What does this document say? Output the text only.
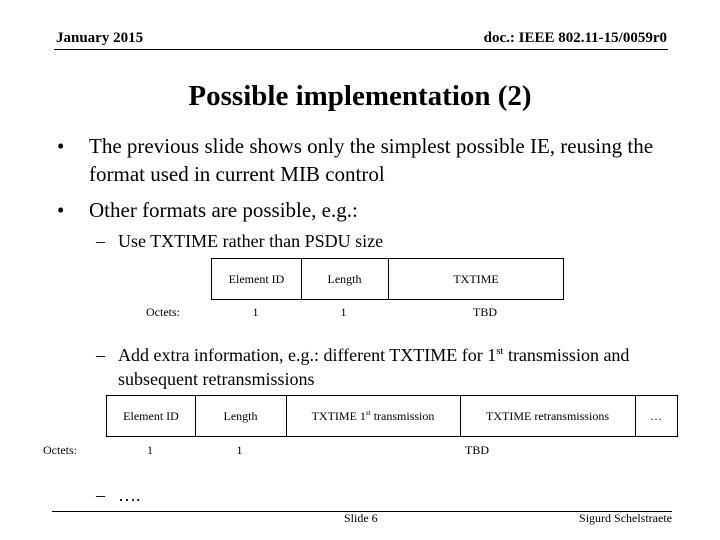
January 2015	doc.: IEEE 802.11-15/0059r0
Possible implementation (2)
• The previous slide shows only the simplest possible IE, reusing the format used in current MIB control
• Other formats are possible, e.g.:
– Use TXTIME rather than PSDU size
Element ID	Length	TXTIME
Octets:	1	1	TBD
– Add extra information, e.g.: different TXTIME for 1st transmission and subsequent retransmissions
Element ID	Length	TXTIME 1st transmission	TXTIME retransmissions	…
Octets:	1	1	TBD
– ….
Slide 6	Sigurd Schelstraete
